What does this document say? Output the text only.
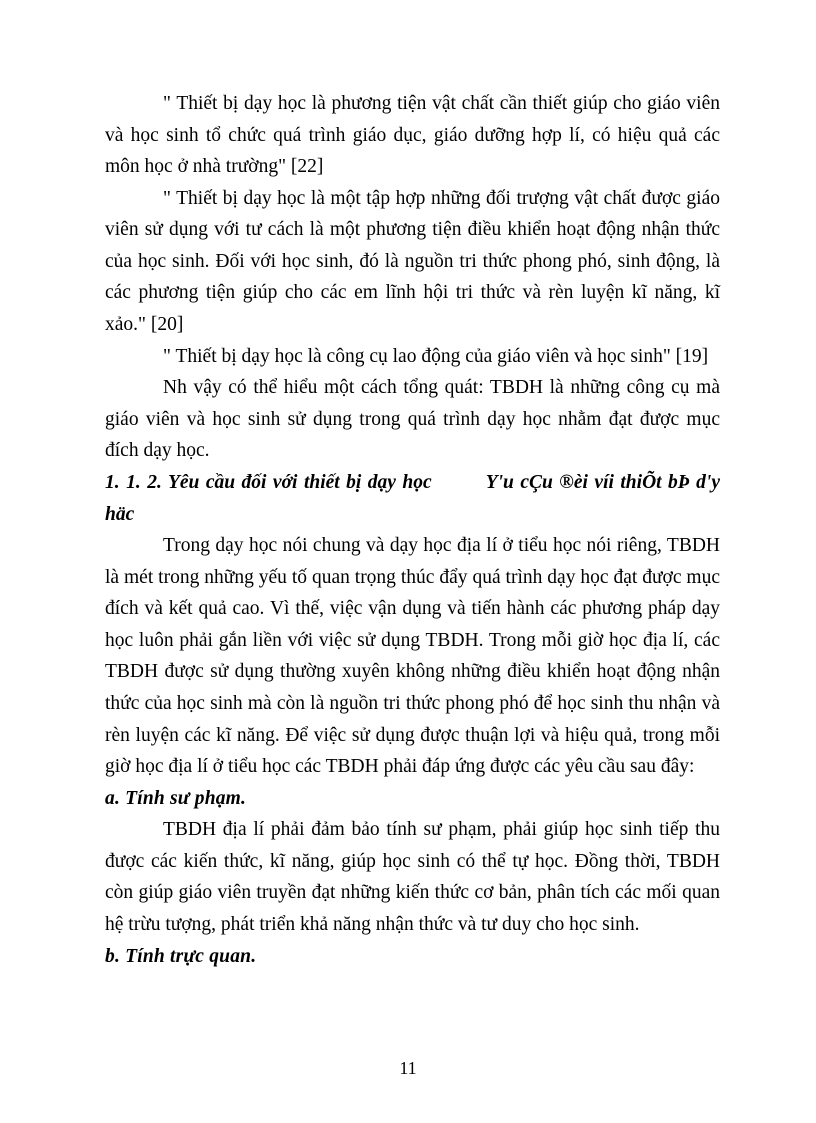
" Thiết bị dạy học là phương tiện vật chất cần thiết giúp cho giáo viên và học sinh tổ chức quá trình giáo dục, giáo dưỡng hợp lí, có hiệu quả các môn học ở nhà trường" [22]

" Thiết bị dạy học là một tập hợp những đối trượng vật chất được giáo viên sử dụng với tư cách là một phương tiện điều khiển hoạt động nhận thức của học sinh. Đối với học sinh, đó là nguồn tri thức phong phó, sinh động, là các phương tiện giúp cho các em lĩnh hội tri thức và rèn luyện kĩ năng, kĩ xảo." [20]

" Thiết bị dạy học là công cụ lao động của giáo viên và học sinh" [19]

Nh vậy có thể hiểu một cách tổng quát: TBDH là những công cụ mà giáo viên và học sinh sử dụng trong quá trình dạy học nhằm đạt được mục đích dạy học.

1. 1. 2. Yêu cầu đối với thiết bị dạy học	Y'u cÇu ®èi víi thiÕt bÞ d'y häc

Trong dạy học nói chung và dạy học địa lí ở tiểu học nói riêng, TBDH là mét trong những yếu tố quan trọng thúc đẩy quá trình dạy học đạt được mục đích và kết quả cao. Vì thế, việc vận dụng và tiến hành các phương pháp dạy học luôn phải gắn liền với việc sử dụng TBDH. Trong mỗi giờ học địa lí, các TBDH được sử dụng thường xuyên không những điều khiển hoạt động nhận thức của học sinh mà còn là nguồn tri thức phong phó để học sinh thu nhận và rèn luyện các kĩ năng. Để việc sử dụng được thuận lợi và hiệu quả, trong mỗi giờ học địa lí ở tiểu học các TBDH phải đáp ứng được các yêu cầu sau đây:

a. Tính sư phạm.

TBDH địa lí phải đảm bảo tính sư phạm, phải giúp học sinh tiếp thu được các kiến thức, kĩ năng, giúp học sinh có thể tự học. Đồng thời, TBDH còn giúp giáo viên truyền đạt những kiến thức cơ bản, phân tích các mối quan hệ trừu tượng, phát triển khả năng nhận thức và tư duy cho học sinh.

b. Tính trực quan.

11
